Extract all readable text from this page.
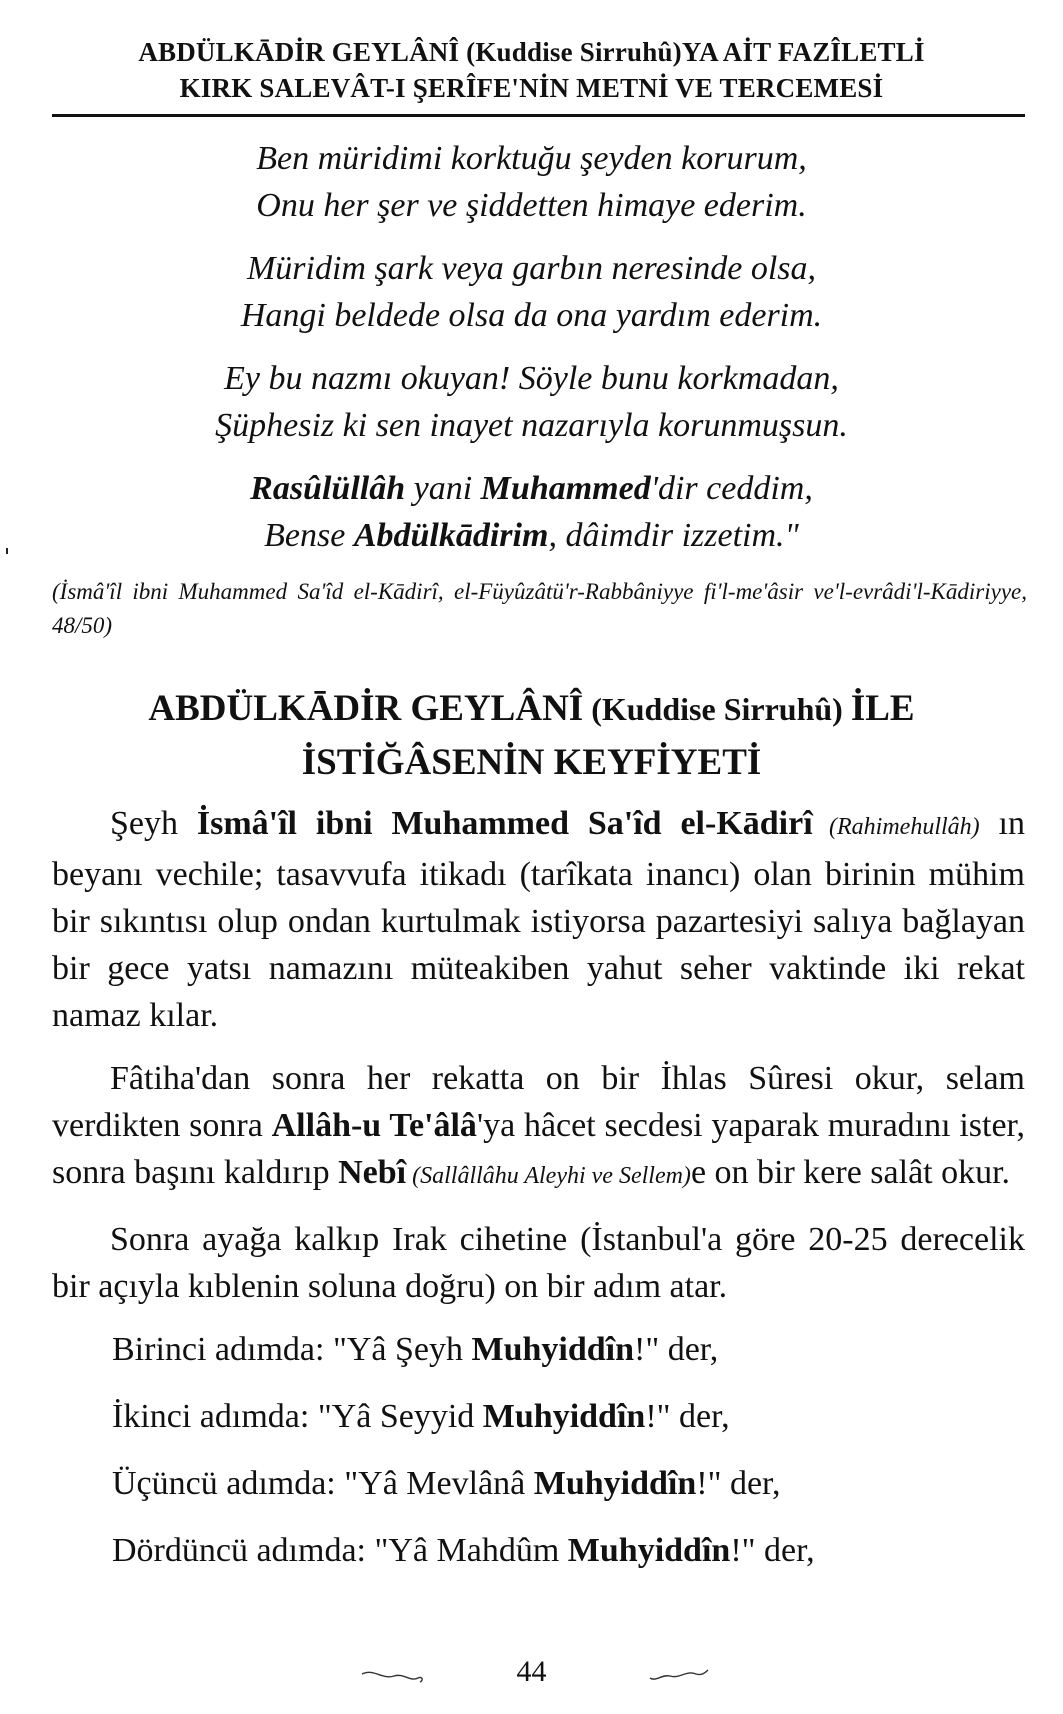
ABDÜLKĀDİR GEYLÂNÎ (Kuddise Sirruhû)YA AİT FAZÎLETLİ
KIRK SALEVÂT-I ŞERÎFE'NİN METNİ VE TERCEMESİ
Ben müridimi korktuğu şeyden korurum,
Onu her şer ve şiddetten himaye ederim.
Müridim şark veya garbın neresinde olsa,
Hangi beldede olsa da ona yardım ederim.
Ey bu nazmı okuyan! Söyle bunu korkmadan,
Şüphesiz ki sen inayet nazarıyla korunmuşsun.
Rasûlüllâh yani Muhammed'dir ceddim,
Bense Abdülkādirim, dâimdir izzetim."
(İsmâ'îl ibni Muhammed Sa'îd el-Kādirî, el-Füyûzâtü'r-Rabbâniyye fi'l-me'âsir ve'l-evrâdi'l-Kādiriyye, 48/50)
ABDÜLKĀDİR GEYLÂNÎ (Kuddise Sirruhû) İLE
İSTİĞÂSENİN KEYFİYETİ

Şeyh İsmâ'îl ibni Muhammed Sa'îd el-Kādirî (Rahimehullâh) ın beyanı vechile; tasavvufa itikadı (tarîkata inancı) olan birinin mühim bir sıkıntısı olup ondan kurtulmak istiyorsa pazartesiyi salıya bağlayan bir gece yatsı namazını müteakiben yahut seher vaktinde iki rekat namaz kılar.

Fâtiha'dan sonra her rekatta on bir İhlas Sûresi okur, selam verdikten sonra Allâh-u Te'âlâ'ya hâcet secdesi yaparak muradını ister, sonra başını kaldırıp Nebî (Sallâllâhu Aleyhi ve Sellem)e on bir kere salât okur.

Sonra ayağa kalkıp Irak cihetine (İstanbul'a göre 20-25 derecelik bir açıyla kıblenin soluna doğru) on bir adım atar.

Birinci adımda: "Yâ Şeyh Muhyiddîn!" der,

İkinci adımda: "Yâ Seyyid Muhyiddîn!" der,

Üçüncü adımda: "Yâ Mevlânâ Muhyiddîn!" der,

Dördüncü adımda: "Yâ Mahdûm Muhyiddîn!" der,

44
